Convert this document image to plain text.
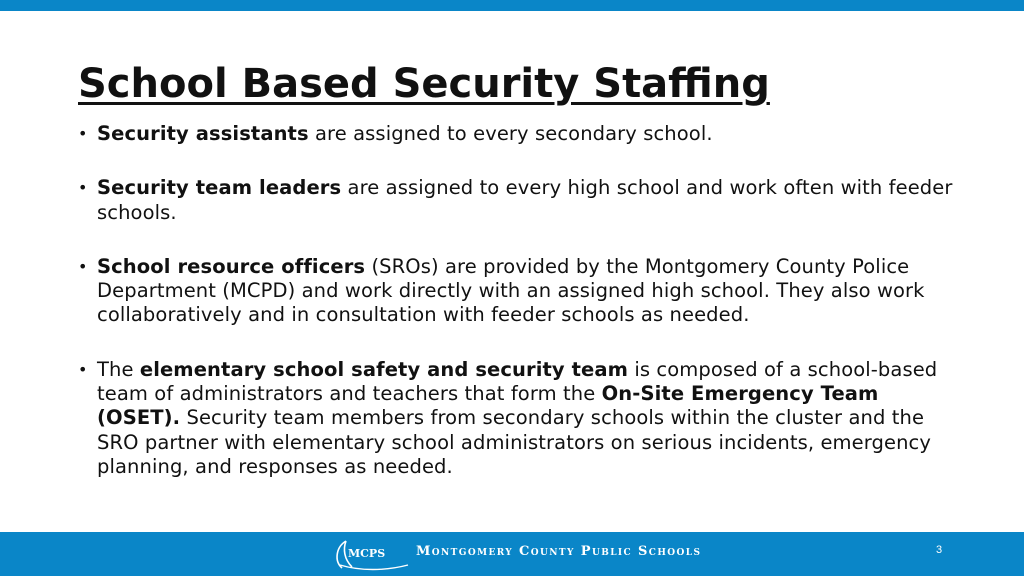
School Based Security Staffing
• Security assistants are assigned to every secondary school.
• Security team leaders are assigned to every high school and work often with feeder schools.
• School resource officers (SROs) are provided by the Montgomery County Police Department (MCPD) and work directly with an assigned high school. They also work collaboratively and in consultation with feeder schools as needed.
• The elementary school safety and security team is composed of a school-based team of administrators and teachers that form the On-Site Emergency Team (OSET). Security team members from secondary schools within the cluster and the SRO partner with elementary school administrators on serious incidents, emergency planning, and responses as needed.
MCPS Montgomery County Public Schools	3
